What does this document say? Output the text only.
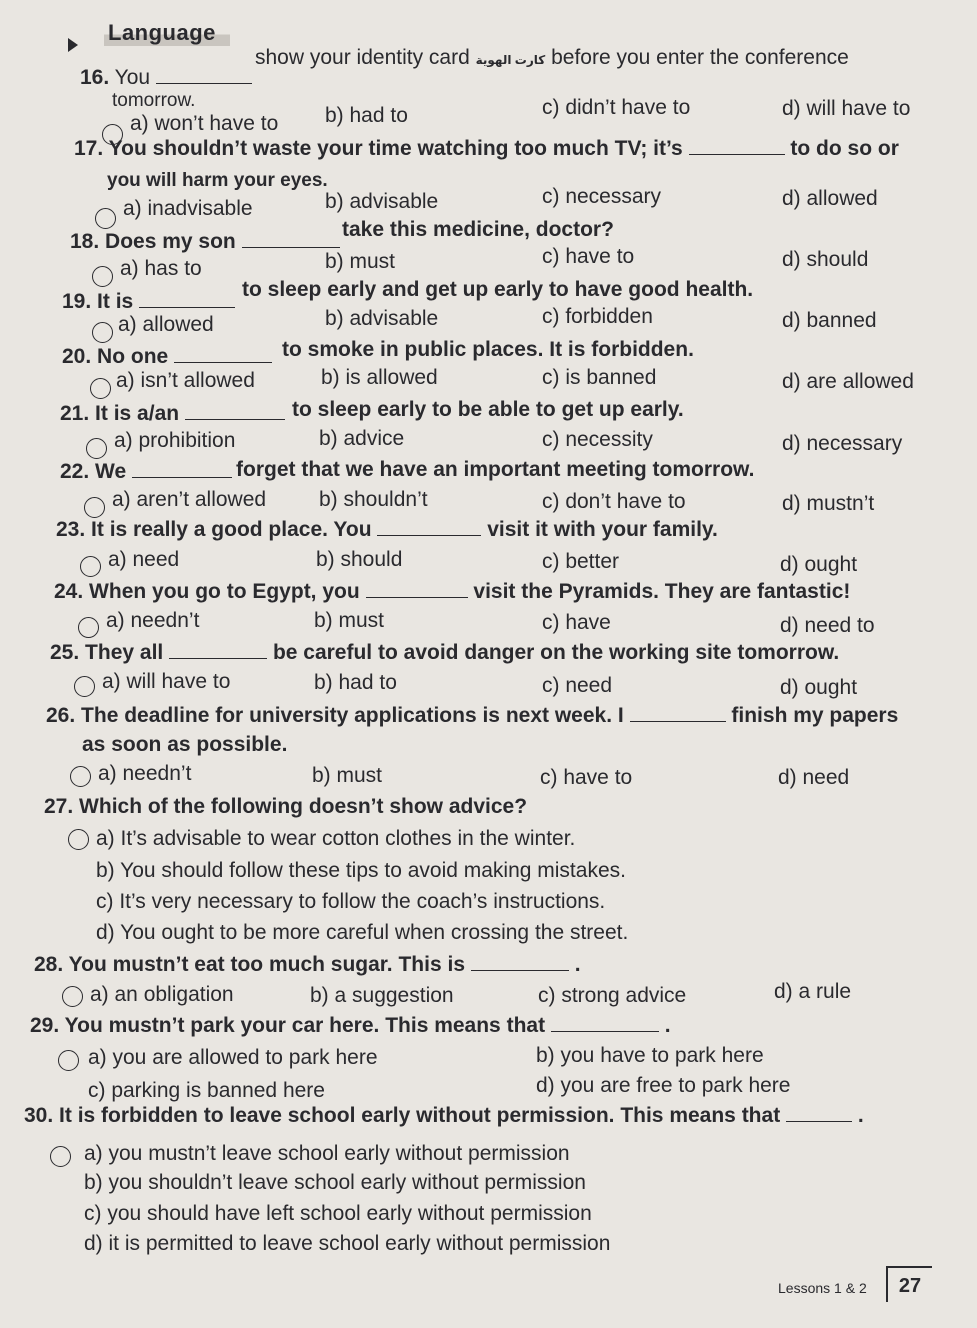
Language
16. You
show your identity card كارت الهوية before you enter the conference
tomorrow.
a) won’t have to b) had to	c) didn’t have to	d) will have to
17. You shouldn’t waste your time watching too much TV; it’s	to do so or
you will harm your eyes.
a) inadvisable	b) advisable	c) necessary	d) allowed
18. Does my son
take this medicine, doctor?
a) has to	b) must	c) have to	d) should
19. It is
to sleep early and get up early to have good health.
a) allowed	b) advisable	c) forbidden	d) banned
20. No one	to smoke in public places. It is forbidden.
a) isn’t allowed	b) is allowed	c) is banned	d) are allowed
21. It is a/an	to sleep early to be able to get up early.
a) prohibition	b) advice	c) necessity	d) necessary
22. We	forget that we have an important meeting tomorrow.
a) aren’t allowed	b) shouldn’t	c) don’t have to	d) mustn’t
23. It is really a good place. You	visit it with your family.
a) need	b) should	c) better	d) ought
24. When you go to Egypt, you	visit the Pyramids. They are fantastic!
a) needn’t	b) must	c) have	d) need to
25. They all	be careful to avoid danger on the working site tomorrow.
a) will have to	b) had to	c) need	d) ought
26. The deadline for university applications is next week. I	finish my papers
as soon as possible.
a) needn’t	b) must	c) have to	d) need
27. Which of the following doesn’t show advice?
a) It’s advisable to wear cotton clothes in the winter.
b) You should follow these tips to avoid making mistakes.
c) It’s very necessary to follow the coach’s instructions.
d) You ought to be more careful when crossing the street.
28. You mustn’t eat too much sugar. This is	.
a) an obligation	b) a suggestion	c) strong advice	d) a rule
29. You mustn’t park your car here. This means that	.
a) you are allowed to park here	b) you have to park here
c) parking is banned here	d) you are free to park here
30. It is forbidden to leave school early without permission. This means that	.
a) you mustn’t leave school early without permission
b) you shouldn’t leave school early without permission
c) you should have left school early without permission
d) it is permitted to leave school early without permission
Lessons 1 & 2	27
